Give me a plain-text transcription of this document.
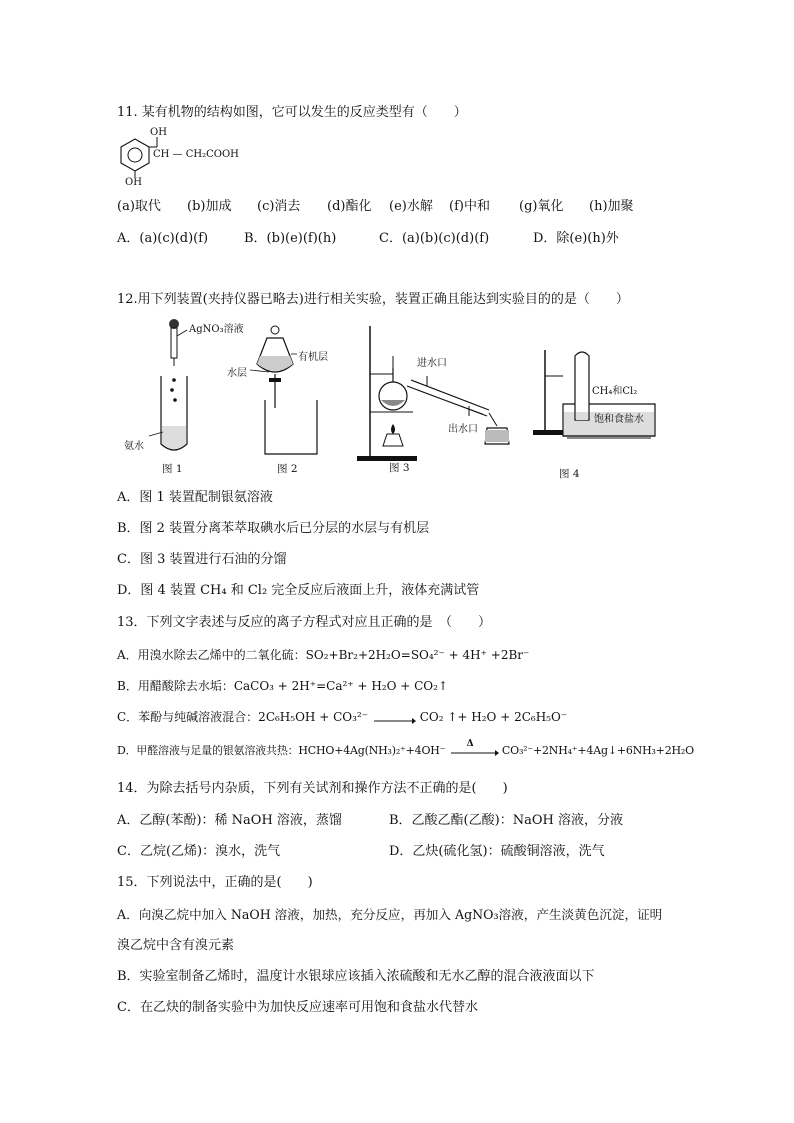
11. 某有机物的结构如图，它可以发生的反应类型有（　　）
OH
CH — CH₂COOH
OH
(a)取代 (b)加成 (c)消去 (d)酯化 (e)水解 (f)中和 (g)氧化 (h)加聚
A．(a)(c)(d)(f)	B．(b)(e)(f)(h)	C．(a)(b)(c)(d)(f)	D．除(e)(h)外
12.用下列装置(夹持仪器已略去)进行相关实验，装置正确且能达到实验目的的是（　　）
AgNO₃溶液
氨水
图 1
水层
有机层
图 2
进水口
出水口
图 3
CH₄和Cl₂
饱和食盐水
图 4
A．图 1 装置配制银氨溶液
B．图 2 装置分离苯萃取碘水后已分层的水层与有机层
C．图 3 装置进行石油的分馏
D．图 4 装置 CH₄ 和 Cl₂ 完全反应后液面上升，液体充满试管
13．下列文字表述与反应的离子方程式对应且正确的是　（　　）
A．用溴水除去乙烯中的二氧化硫：SO₂+Br₂+2H₂O=SO₄²⁻ + 4H⁺ +2Br⁻
B．用醋酸除去水垢：CaCO₃ + 2H⁺=Ca²⁺ + H₂O + CO₂↑
C．苯酚与纯碱溶液混合：2C₆H₅OH + CO₃²⁻ → CO₂ ↑+ H₂O + 2C₆H₅O⁻
D．甲醛溶液与足量的银氨溶液共热：HCHO+4Ag(NH₃)₂⁺+4OH⁻ Δ	CO₃²⁻+2NH₄⁺+4Ag↓+6NH₃+2H₂O
14．为除去括号内杂质，下列有关试剂和操作方法不正确的是(　　)
A．乙醇(苯酚)：稀 NaOH 溶液，蒸馏	B．乙酸乙酯(乙酸)：NaOH 溶液，分液
C．乙烷(乙烯)：溴水，洗气	D．乙炔(硫化氢)：硫酸铜溶液，洗气
15．下列说法中，正确的是(　　)
A．向溴乙烷中加入 NaOH 溶液，加热，充分反应，再加入 AgNO₃溶液，产生淡黄色沉淀，证明
溴乙烷中含有溴元素
B．实验室制备乙烯时，温度计水银球应该插入浓硫酸和无水乙醇的混合液液面以下
C．在乙炔的制备实验中为加快反应速率可用饱和食盐水代替水
